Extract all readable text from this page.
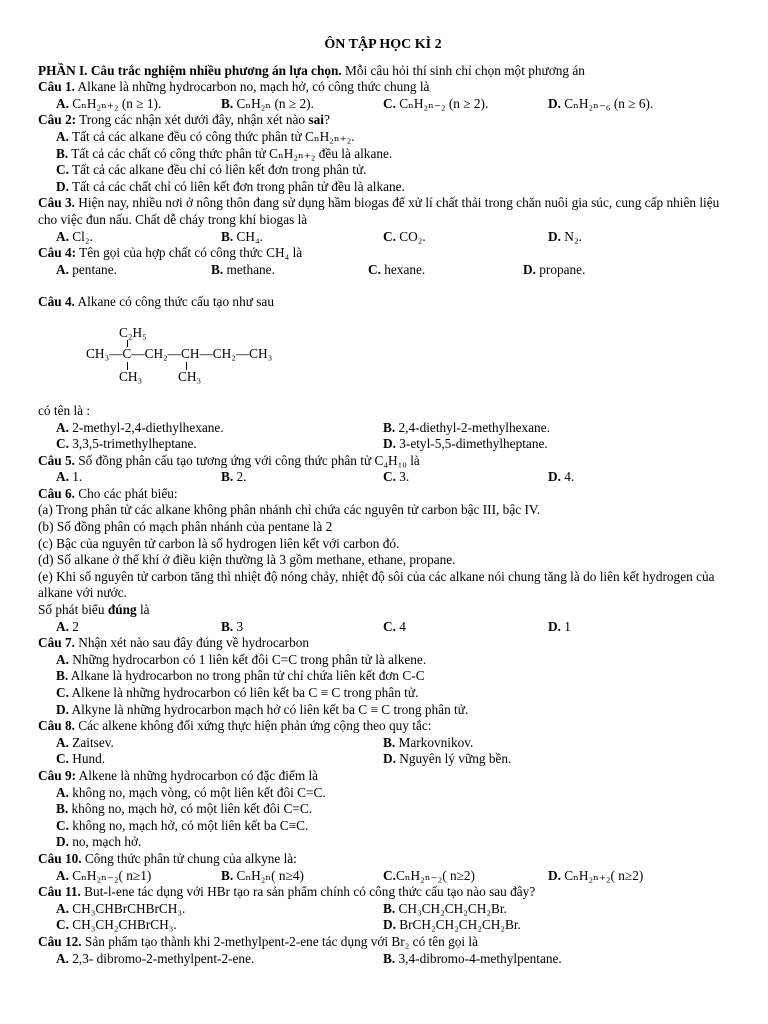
ÔN TẬP HỌC KÌ 2
PHẦN I. Câu trắc nghiệm nhiều phương án lựa chọn. Mỗi câu hỏi thí sinh chỉ chọn một phương án
Câu 1. Alkane là những hydrocarbon no, mạch hở, có công thức chung là
A. CₙH₂ₙ₊₂ (n ≥ 1).	B. CₙH₂ₙ (n ≥ 2).	C. CₙH₂ₙ₋₂ (n ≥ 2).	D. CₙH₂ₙ₋₆ (n ≥ 6).
Câu 2: Trong các nhận xét dưới đây, nhận xét nào sai?
A. Tất cả các alkane đều có công thức phân tử CₙH₂ₙ₊₂.
B. Tất cả các chất có công thức phân tử CₙH₂ₙ₊₂ đều là alkane.
C. Tất cả các alkane đều chỉ có liên kết đơn trong phân tử.
D. Tất cả các chất chỉ có liên kết đơn trong phân tử đều là alkane.
Câu 3. Hiện nay, nhiều nơi ở nông thôn đang sử dụng hầm biogas để xử lí chất thải trong chăn nuôi gia súc, cung cấp nhiên liệu cho việc đun nấu. Chất dễ cháy trong khí biogas là
A. Cl₂.	B. CH₄.	C. CO₂.	D. N₂.
Câu 4: Tên gọi của hợp chất có công thức CH₄ là
A. pentane.	B. methane.	C. hexane.	D. propane.
Câu 4. Alkane có công thức cấu tạo như sau
C₂H₅
CH₃—C—CH₂—CH—CH₂—CH₃
CH₃	CH₃
có tên là :
A. 2-methyl-2,4-diethylhexane.	B. 2,4-diethyl-2-methylhexane.
C. 3,3,5-trimethylheptane.	D. 3-etyl-5,5-dimethylheptane.
Câu 5. Số đồng phân cấu tạo tương ứng với công thức phân tử C₄H₁₀ là
A. 1.	B. 2.	C. 3.	D. 4.
Câu 6. Cho các phát biểu:
(a) Trong phân tử các alkane không phân nhánh chỉ chứa các nguyên tử carbon bậc III, bậc IV.
(b) Số đồng phân có mạch phân nhánh của pentane là 2
(c) Bậc của nguyên tử carbon là số hydrogen liên kết với carbon đó.
(d) Số alkane ở thể khí ở điều kiện thường là 3 gồm methane, ethane, propane.
(e) Khi số nguyên tử carbon tăng thì nhiệt độ nóng chảy, nhiệt độ sôi của các alkane nói chung tăng là do liên kết hydrogen của alkane với nước.
Số phát biểu đúng là
A. 2	B. 3	C. 4	D. 1
Câu 7. Nhận xét nào sau đây đúng về hydrocarbon
A. Những hydrocarbon có 1 liên kết đôi C=C trong phân tử là alkene.
B. Alkane là hydrocarbon no trong phân tử chỉ chứa liên kết đơn C-C
C. Alkene là những hydrocarbon có liên kết ba C ≡ C trong phân tử.
D. Alkyne là những hydrocarbon mạch hở có liên kết ba C ≡ C trong phân tử.
Câu 8. Các alkene không đối xứng thực hiện phản ứng cộng theo quy tắc:
A. Zaitsev.	B. Markovnikov.
C. Hund.	D. Nguyên lý vững bền.
Câu 9: Alkene là những hydrocarbon có đặc điểm là
A. không no, mạch vòng, có một liên kết đôi C=C.
B. không no, mạch hở, có một liên kết đôi C=C.
C. không no, mạch hở, có một liên kết ba C≡C.
D. no, mạch hở.
Câu 10. Công thức phân tử chung của alkyne là:
A. CₙH₂ₙ₋₂( n≥1)	B. CₙH₂ₙ( n≥4)	C.CₙH₂ₙ₋₂( n≥2)	D. CₙH₂ₙ₊₂( n≥2)
Câu 11. But-l-ene tác dụng với HBr tạo ra sản phẩm chính có công thức cấu tạo nào sau đây?
A. CH₃CHBrCHBrCH₃.	B. CH₃CH₂CH₂CH₂Br.
C. CH₃CH₂CHBrCH₃.	D. BrCH₂CH₂CH₂CH₂Br.
Câu 12. Sản phẩm tạo thành khi 2-methylpent-2-ene tác dụng với Br₂ có tên gọi là
A. 2,3- dibromo-2-methylpent-2-ene.	B. 3,4-dibromo-4-methylpentane.
